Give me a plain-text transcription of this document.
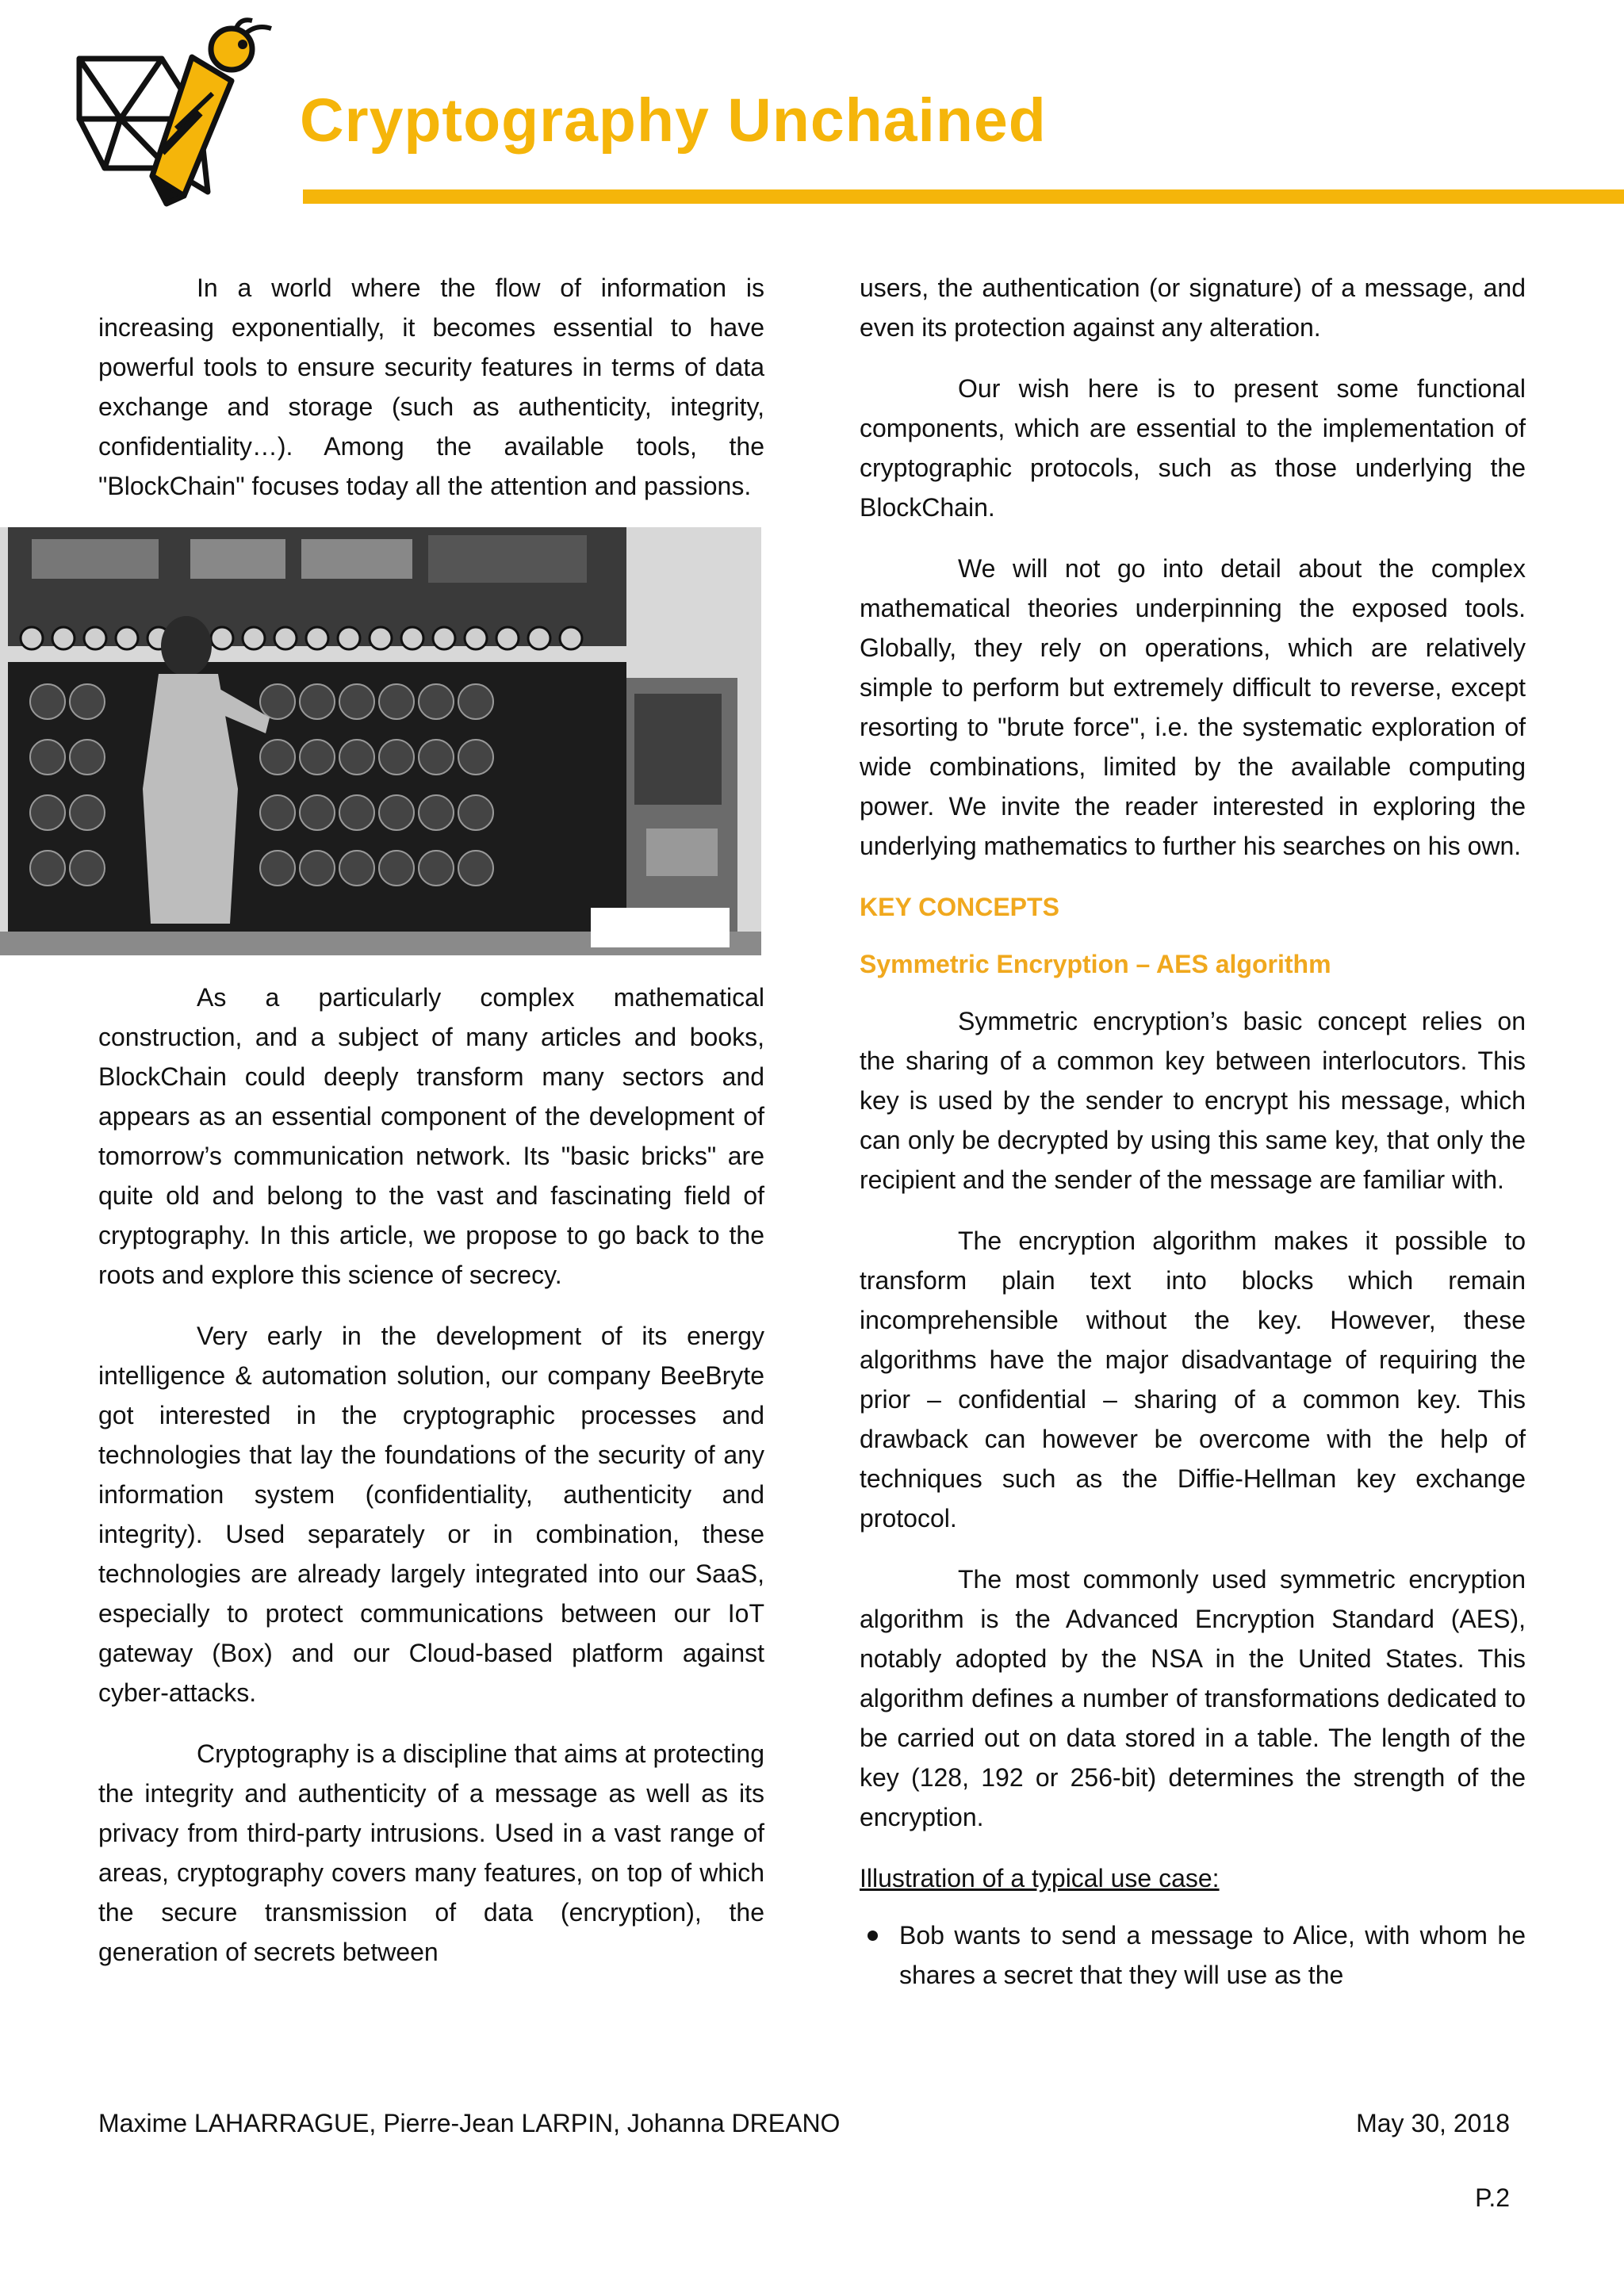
Cryptography Unchained

In a world where the flow of information is increasing exponentially, it becomes essential to have powerful tools to ensure security features in terms of data exchange and storage (such as authenticity, integrity, confidentiality…). Among the available tools, the "BlockChain" focuses today all the attention and passions.

As a particularly complex mathematical construction, and a subject of many articles and books, BlockChain could deeply transform many sectors and appears as an essential component of the development of tomorrow’s communication network. Its "basic bricks" are quite old and belong to the vast and fascinating field of cryptography. In this article, we propose to go back to the roots and explore this science of secrecy.

Very early in the development of its energy intelligence & automation solution, our company BeeBryte got interested in the cryptographic processes and technologies that lay the foundations of the security of any information system (confidentiality, authenticity and integrity). Used separately or in combination, these technologies are already largely integrated into our SaaS, especially to protect communications between our IoT gateway (Box) and our Cloud-based platform against cyber-attacks.

Cryptography is a discipline that aims at protecting the integrity and authenticity of a message as well as its privacy from third-party intrusions. Used in a vast range of areas, cryptography covers many features, on top of which the secure transmission of data (encryption), the generation of secrets between

users, the authentication (or signature) of a message, and even its protection against any alteration.

Our wish here is to present some functional components, which are essential to the implementation of cryptographic protocols, such as those underlying the BlockChain.

We will not go into detail about the complex mathematical theories underpinning the exposed tools. Globally, they rely on operations, which are relatively simple to perform but extremely difficult to reverse, except resorting to "brute force", i.e. the systematic exploration of wide combinations, limited by the available computing power. We invite the reader interested in exploring the underlying mathematics to further his searches on his own.

KEY CONCEPTS
Symmetric Encryption – AES algorithm

Symmetric encryption’s basic concept relies on the sharing of a common key between interlocutors. This key is used by the sender to encrypt his message, which can only be decrypted by using this same key, that only the recipient and the sender of the message are familiar with.

The encryption algorithm makes it possible to transform plain text into blocks which remain incomprehensible without the key. However, these algorithms have the major disadvantage of requiring the prior – confidential – sharing of a common key. This drawback can however be overcome with the help of techniques such as the Diffie-Hellman key exchange protocol.

The most commonly used symmetric encryption algorithm is the Advanced Encryption Standard (AES), notably adopted by the NSA in the United States. This algorithm defines a number of transformations dedicated to be carried out on data stored in a table. The length of the key (128, 192 or 256-bit) determines the strength of the encryption.

Illustration of a typical use case:
Bob wants to send a message to Alice, with whom he shares a secret that they will use as the
Maxime LAHARRAGUE, Pierre-Jean LARPIN, Johanna DREANO	May 30, 2018
P.2
